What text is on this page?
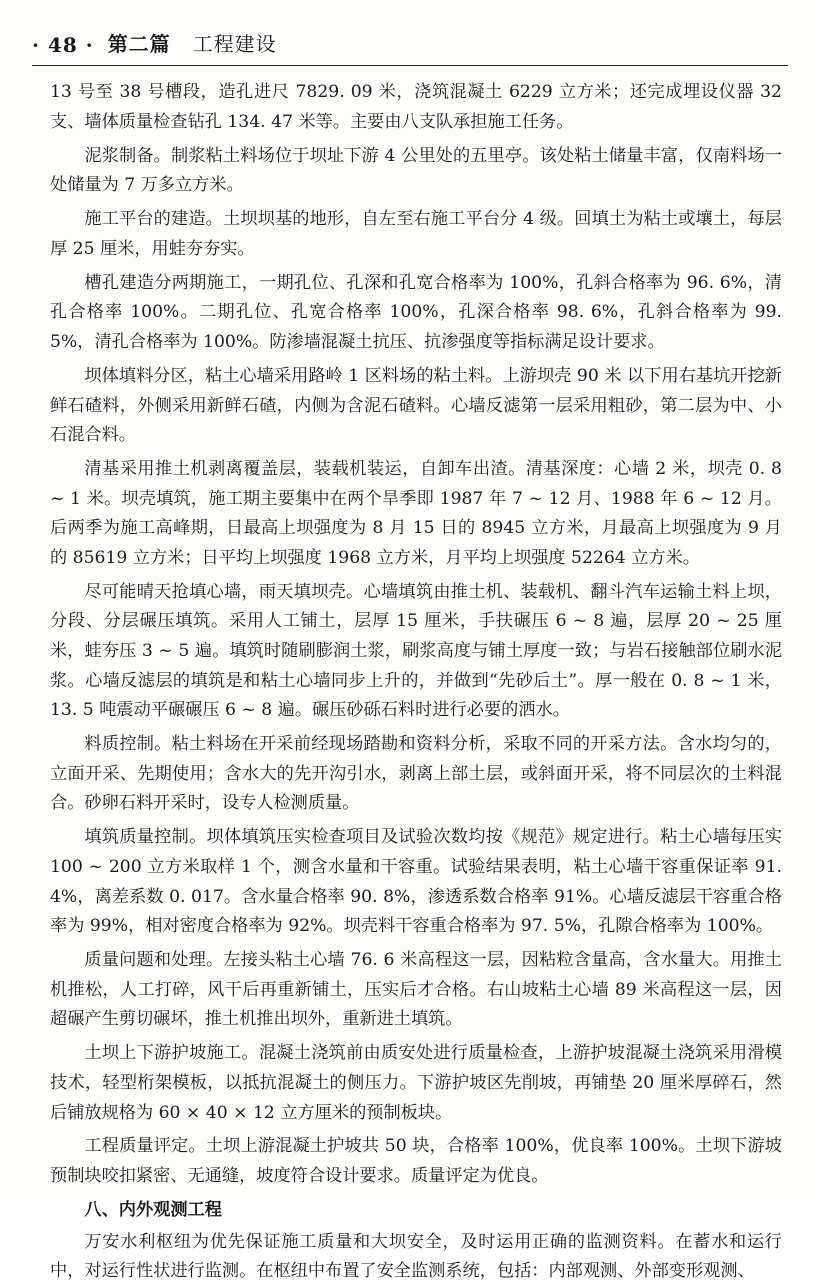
· 48 · 第二篇 工程建设

13 号至 38 号槽段，造孔进尺 7829. 09 米，浇筑混凝土 6229 立方米；还完成埋设仪器 32 支、墙体质量检查钻孔 134. 47 米等。主要由八支队承担施工任务。

泥浆制备。制浆粘土料场位于坝址下游 4 公里处的五里亭。该处粘土储量丰富，仅南料场一处储量为 7 万多立方米。

施工平台的建造。土坝坝基的地形，自左至右施工平台分 4 级。回填土为粘土或壤土，每层厚 25 厘米，用蛙夯夯实。

槽孔建造分两期施工，一期孔位、孔深和孔宽合格率为 100%，孔斜合格率为 96. 6%，清孔合格率 100%。二期孔位、孔宽合格率 100%，孔深合格率 98. 6%，孔斜合格率为 99. 5%，清孔合格率为 100%。防渗墙混凝土抗压、抗渗强度等指标满足设计要求。

坝体填料分区，粘土心墙采用路岭 1 区料场的粘土料。上游坝壳 90 米 以下用右基坑开挖新鲜石碴料，外侧采用新鲜石碴，内侧为含泥石碴料。心墙反滤第一层采用粗砂，第二层为中、小石混合料。

清基采用推土机剥离覆盖层，装载机装运，自卸车出渣。清基深度：心墙 2 米，坝壳 0. 8 ~ 1 米。坝壳填筑，施工期主要集中在两个旱季即 1987 年 7 ~ 12 月、1988 年 6 ~ 12 月。后两季为施工高峰期，日最高上坝强度为 8 月 15 日的 8945 立方米，月最高上坝强度为 9 月的 85619 立方米；日平均上坝强度 1968 立方米，月平均上坝强度 52264 立方米。

尽可能晴天抢填心墙，雨天填坝壳。心墙填筑由推土机、装载机、翻斗汽车运输土料上坝，分段、分层碾压填筑。采用人工铺土，层厚 15 厘米，手扶碾压 6 ~ 8 遍，层厚 20 ~ 25 厘米，蛙夯压 3 ~ 5 遍。填筑时随刷膨润土浆，刷浆高度与铺土厚度一致；与岩石接触部位刷水泥浆。心墙反滤层的填筑是和粘土心墙同步上升的，并做到“先砂后土”。厚一般在 0. 8 ~ 1 米，13. 5 吨震动平碾碾压 6 ~ 8 遍。碾压砂砾石料时进行必要的洒水。

料质控制。粘土料场在开采前经现场踏勘和资料分析，采取不同的开采方法。含水均匀的，立面开采、先期使用；含水大的先开沟引水，剥离上部土层，或斜面开采，将不同层次的土料混合。砂卵石料开采时，设专人检测质量。

填筑质量控制。坝体填筑压实检查项目及试验次数均按《规范》规定进行。粘土心墙每压实 100 ~ 200 立方米取样 1 个，测含水量和干容重。试验结果表明，粘土心墙干容重保证率 91. 4%，离差系数 0. 017。含水量合格率 90. 8%，渗透系数合格率 91%。心墙反滤层干容重合格率为 99%，相对密度合格率为 92%。坝壳料干容重合格率为 97. 5%，孔隙合格率为 100%。

质量问题和处理。左接头粘土心墙 76. 6 米高程这一层，因粘粒含量高，含水量大。用推土机推松，人工打碎，风干后再重新铺土，压实后才合格。右山坡粘土心墙 89 米高程这一层，因超碾产生剪切碾坏，推土机推出坝外，重新进土填筑。

土坝上下游护坡施工。混凝土浇筑前由质安处进行质量检查，上游护坡混凝土浇筑采用滑模技术，轻型桁架模板，以抵抗混凝土的侧压力。下游护坡区先削坡，再铺垫 20 厘米厚碎石，然后铺放规格为 60 × 40 × 12 立方厘米的预制板块。

工程质量评定。土坝上游混凝土护坡共 50 块，合格率 100%，优良率 100%。土坝下游坡预制块咬扣紧密、无通缝，坡度符合设计要求。质量评定为优良。

八、内外观测工程

万安水利枢纽为优先保证施工质量和大坝安全，及时运用正确的监测资料。在蓄水和运行中，对运行性状进行监测。在枢纽中布置了安全监测系统，包括：内部观测、外部变形观测、
